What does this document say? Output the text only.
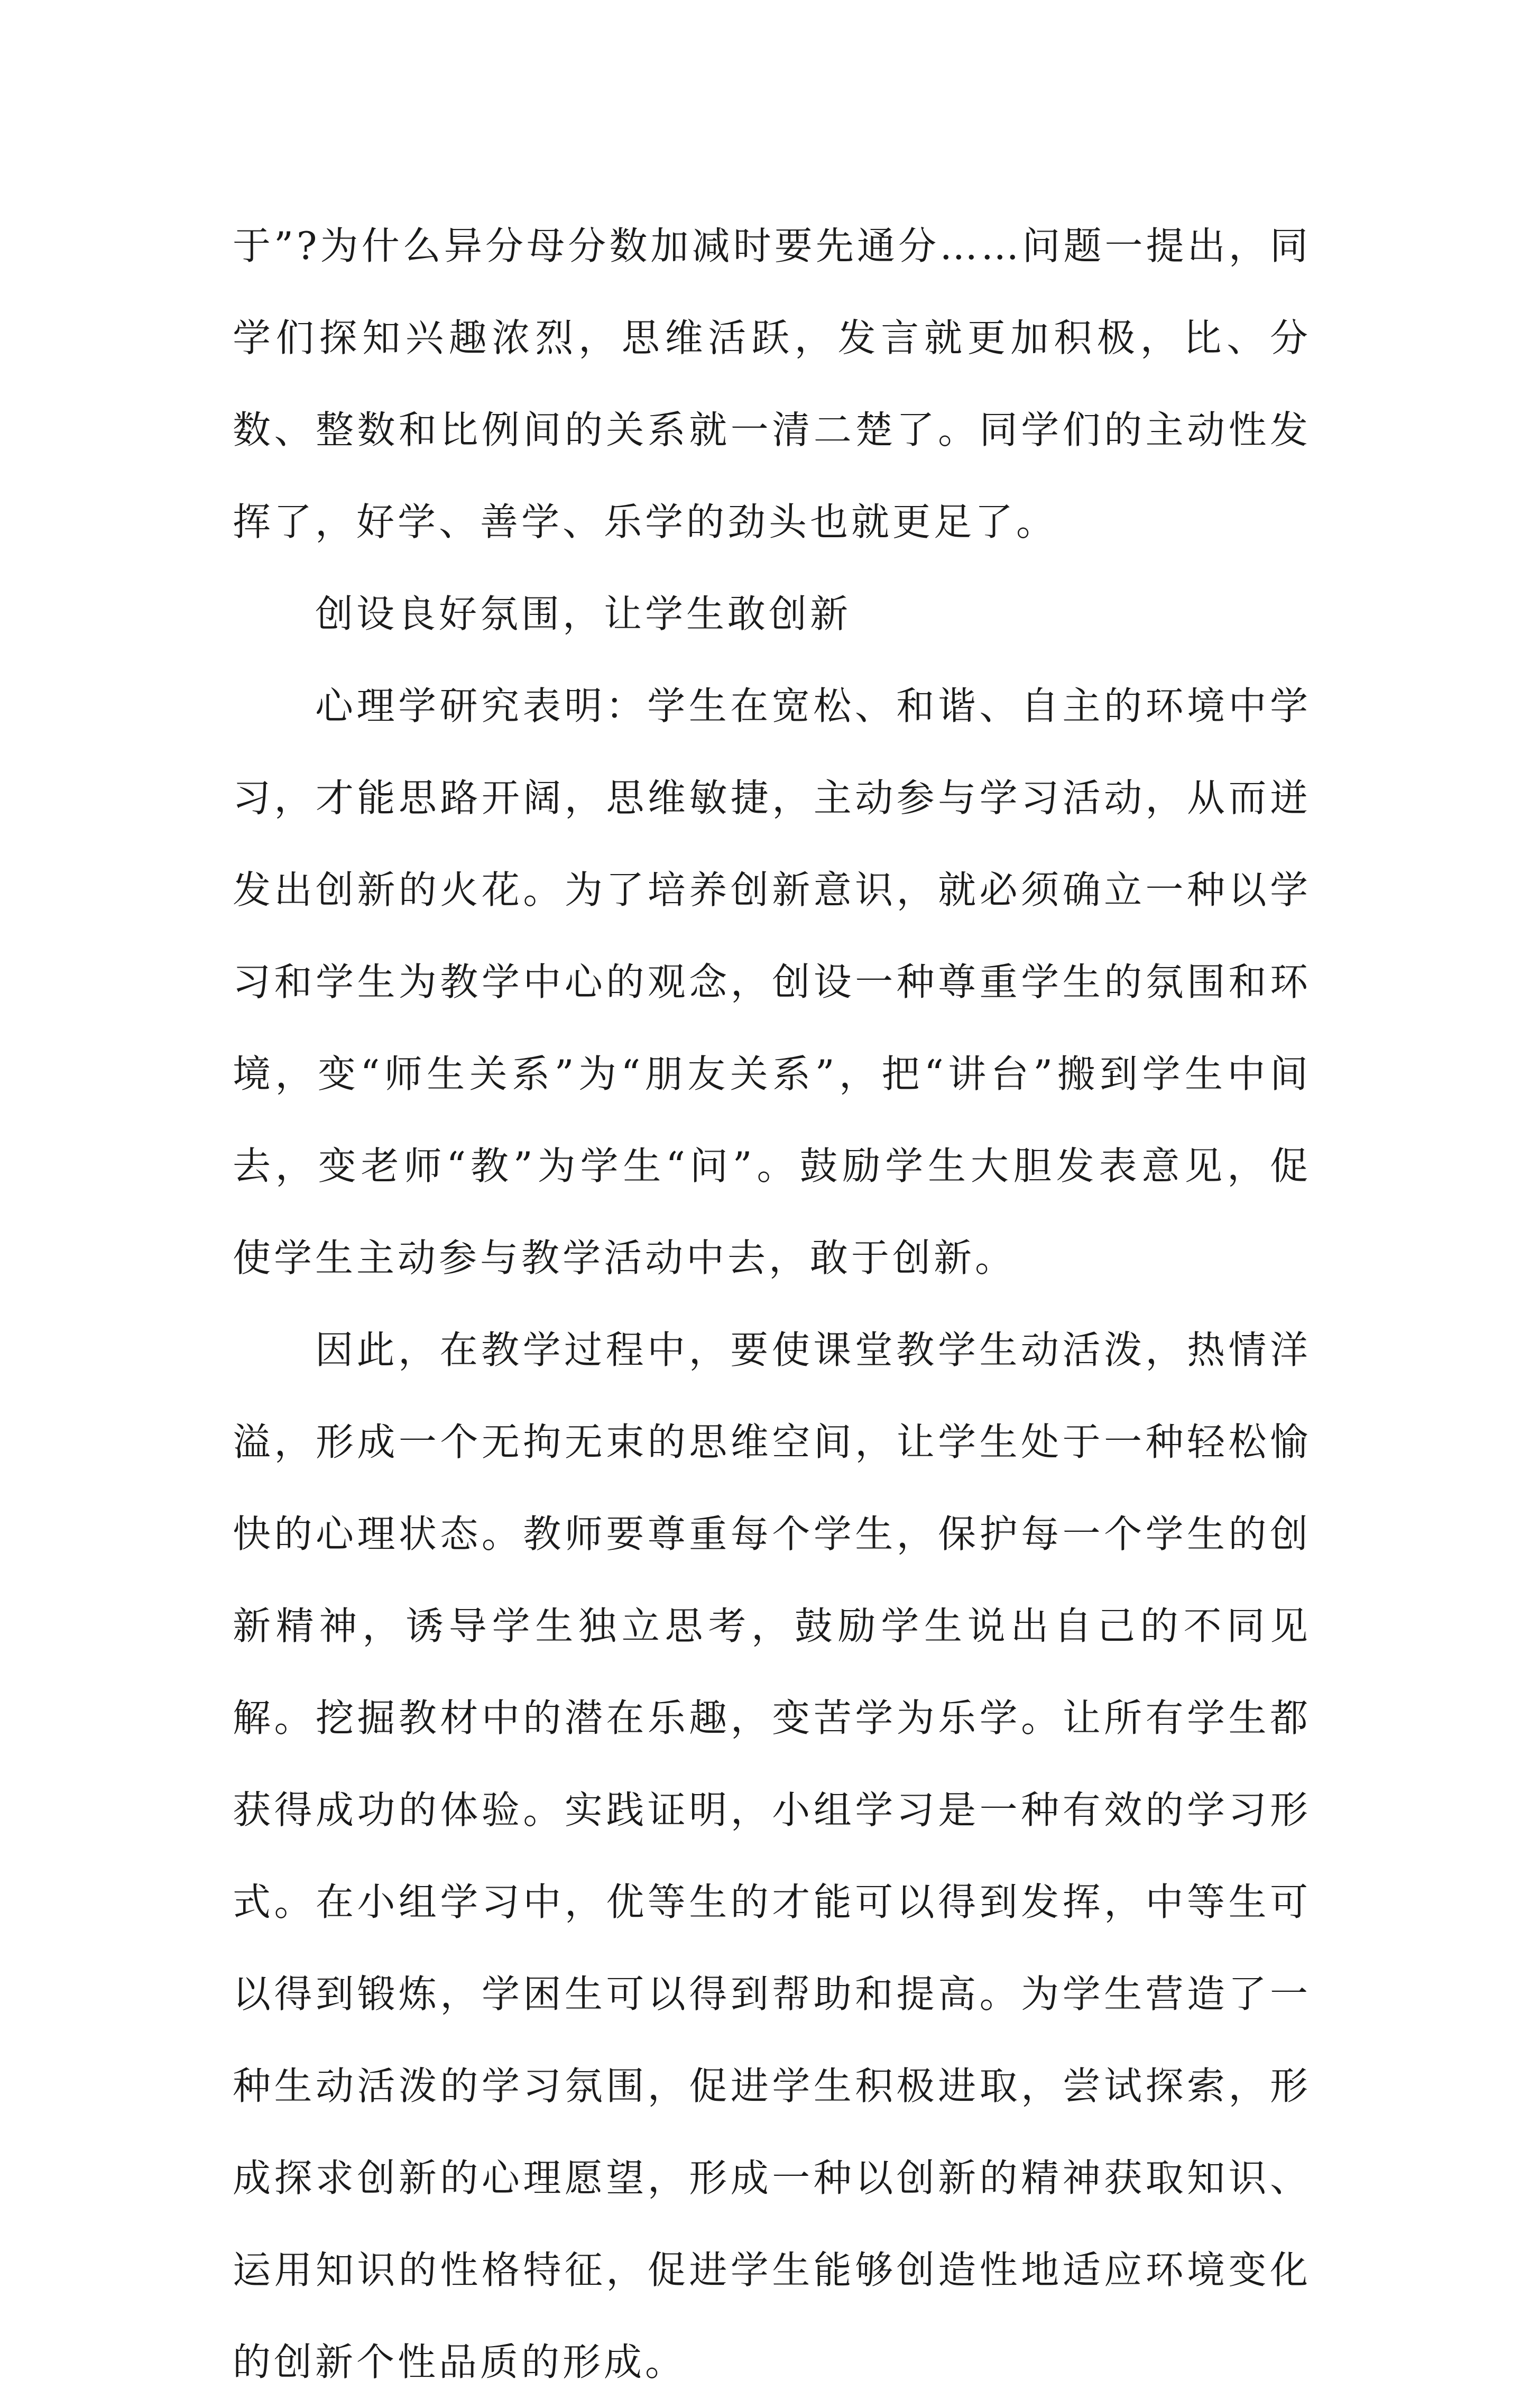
于”?为什么异分母分数加减时要先通分……问题一提出，同学们探知兴趣浓烈，思维活跃，发言就更加积极，比、分数、整数和比例间的关系就一清二楚了。同学们的主动性发挥了，好学、善学、乐学的劲头也就更足了。

创设良好氛围，让学生敢创新

心理学研究表明：学生在宽松、和谐、自主的环境中学习，才能思路开阔，思维敏捷，主动参与学习活动，从而迸发出创新的火花。为了培养创新意识，就必须确立一种以学习和学生为教学中心的观念，创设一种尊重学生的氛围和环境，变“师生关系”为“朋友关系”，把“讲台”搬到学生中间去，变老师“教”为学生“问”。鼓励学生大胆发表意见，促使学生主动参与教学活动中去，敢于创新。

因此，在教学过程中，要使课堂教学生动活泼，热情洋溢，形成一个无拘无束的思维空间，让学生处于一种轻松愉快的心理状态。教师要尊重每个学生，保护每一个学生的创新精神，诱导学生独立思考，鼓励学生说出自己的不同见解。挖掘教材中的潜在乐趣，变苦学为乐学。让所有学生都获得成功的体验。实践证明，小组学习是一种有效的学习形式。在小组学习中，优等生的才能可以得到发挥，中等生可以得到锻炼，学困生可以得到帮助和提高。为学生营造了一种生动活泼的学习氛围，促进学生积极进取，尝试探索，形成探求创新的心理愿望，形成一种以创新的精神获取知识、运用知识的性格特征，促进学生能够创造性地适应环境变化的创新个性品质的形成。
